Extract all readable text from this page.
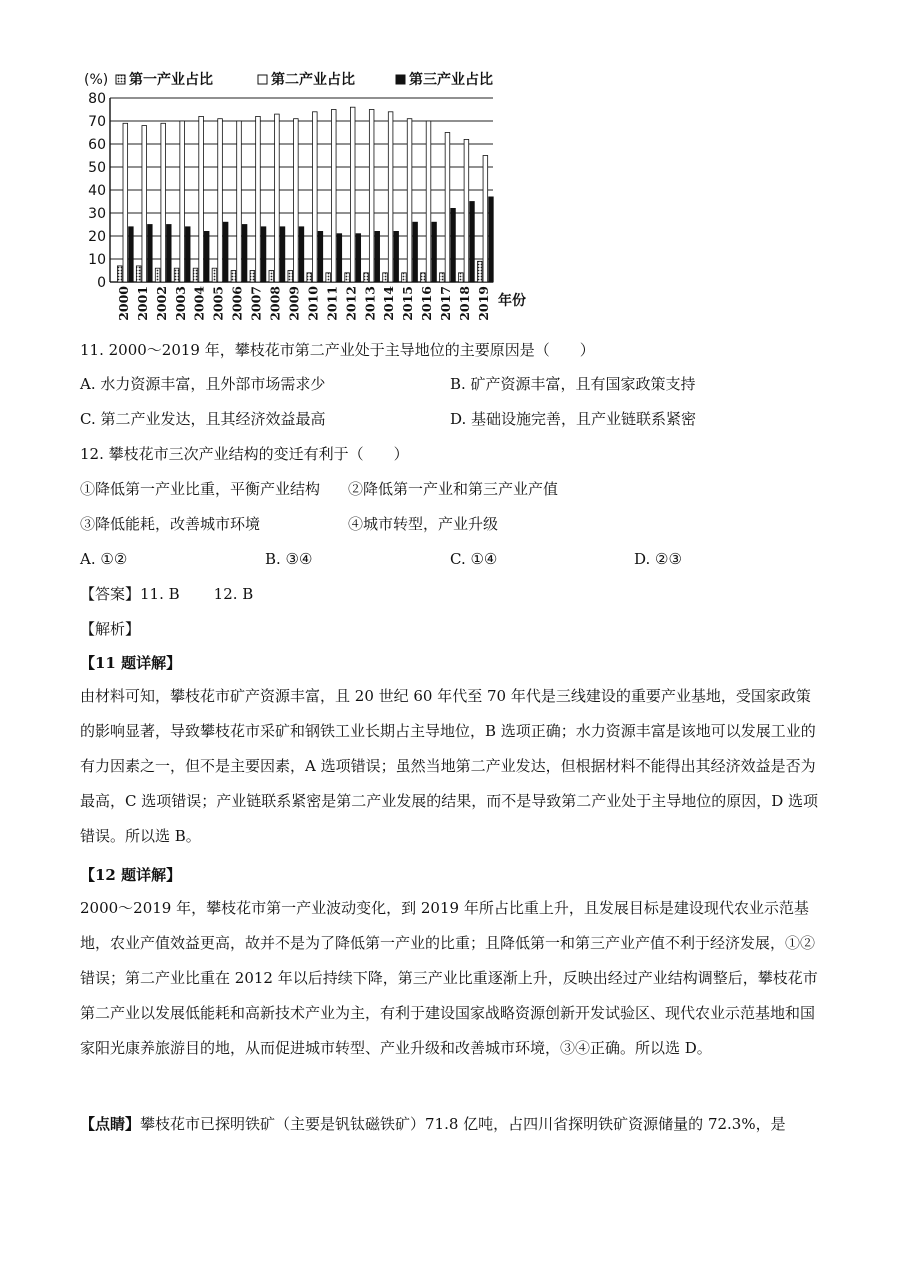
第一产业占比	第二产业占比	第三产业占比
(%)
0
10
20
30
40
50
60
70
80
2000 2001 2002 2003 2004 2005 2006 2007 2008 2009 2010 2011 2012 2013 2014 2015 2016 2017 2018 2019 年份
11. 2000～2019 年，攀枝花市第二产业处于主导地位的主要原因是（　　）
A. 水力资源丰富，且外部市场需求少	B. 矿产资源丰富，且有国家政策支持
C. 第二产业发达，且其经济效益最高	D. 基础设施完善，且产业链联系紧密
12. 攀枝花市三次产业结构的变迁有利于（　　）
①降低第一产业比重，平衡产业结构 ②降低第一产业和第三产业产值
③降低能耗，改善城市环境	④城市转型，产业升级
A. ①②	B. ③④	C. ①④	D. ②③
【答案】11. B 12. B
【解析】
【11 题详解】
由材料可知，攀枝花市矿产资源丰富，且 20 世纪 60 年代至 70 年代是三线建设的重要产业基地，受国家政策的影响显著，导致攀枝花市采矿和钢铁工业长期占主导地位，B 选项正确；水力资源丰富是该地可以发展工业的有力因素之一，但不是主要因素，A 选项错误；虽然当地第二产业发达，但根据材料不能得出其经济效益是否为最高，C 选项错误；产业链联系紧密是第二产业发展的结果，而不是导致第二产业处于主导地位的原因，D 选项错误。所以选 B。
【12 题详解】
2000～2019 年，攀枝花市第一产业波动变化，到 2019 年所占比重上升，且发展目标是建设现代农业示范基地，农业产值效益更高，故并不是为了降低第一产业的比重；且降低第一和第三产业产值不利于经济发展，①②错误；第二产业比重在 2012 年以后持续下降，第三产业比重逐渐上升，反映出经过产业结构调整后，攀枝花市第二产业以发展低能耗和高新技术产业为主，有利于建设国家战略资源创新开发试验区、现代农业示范基地和国家阳光康养旅游目的地，从而促进城市转型、产业升级和改善城市环境，③④正确。所以选 D。
【点睛】攀枝花市已探明铁矿（主要是钒钛磁铁矿）71.8 亿吨，占四川省探明铁矿资源储量的 72.3%，是
